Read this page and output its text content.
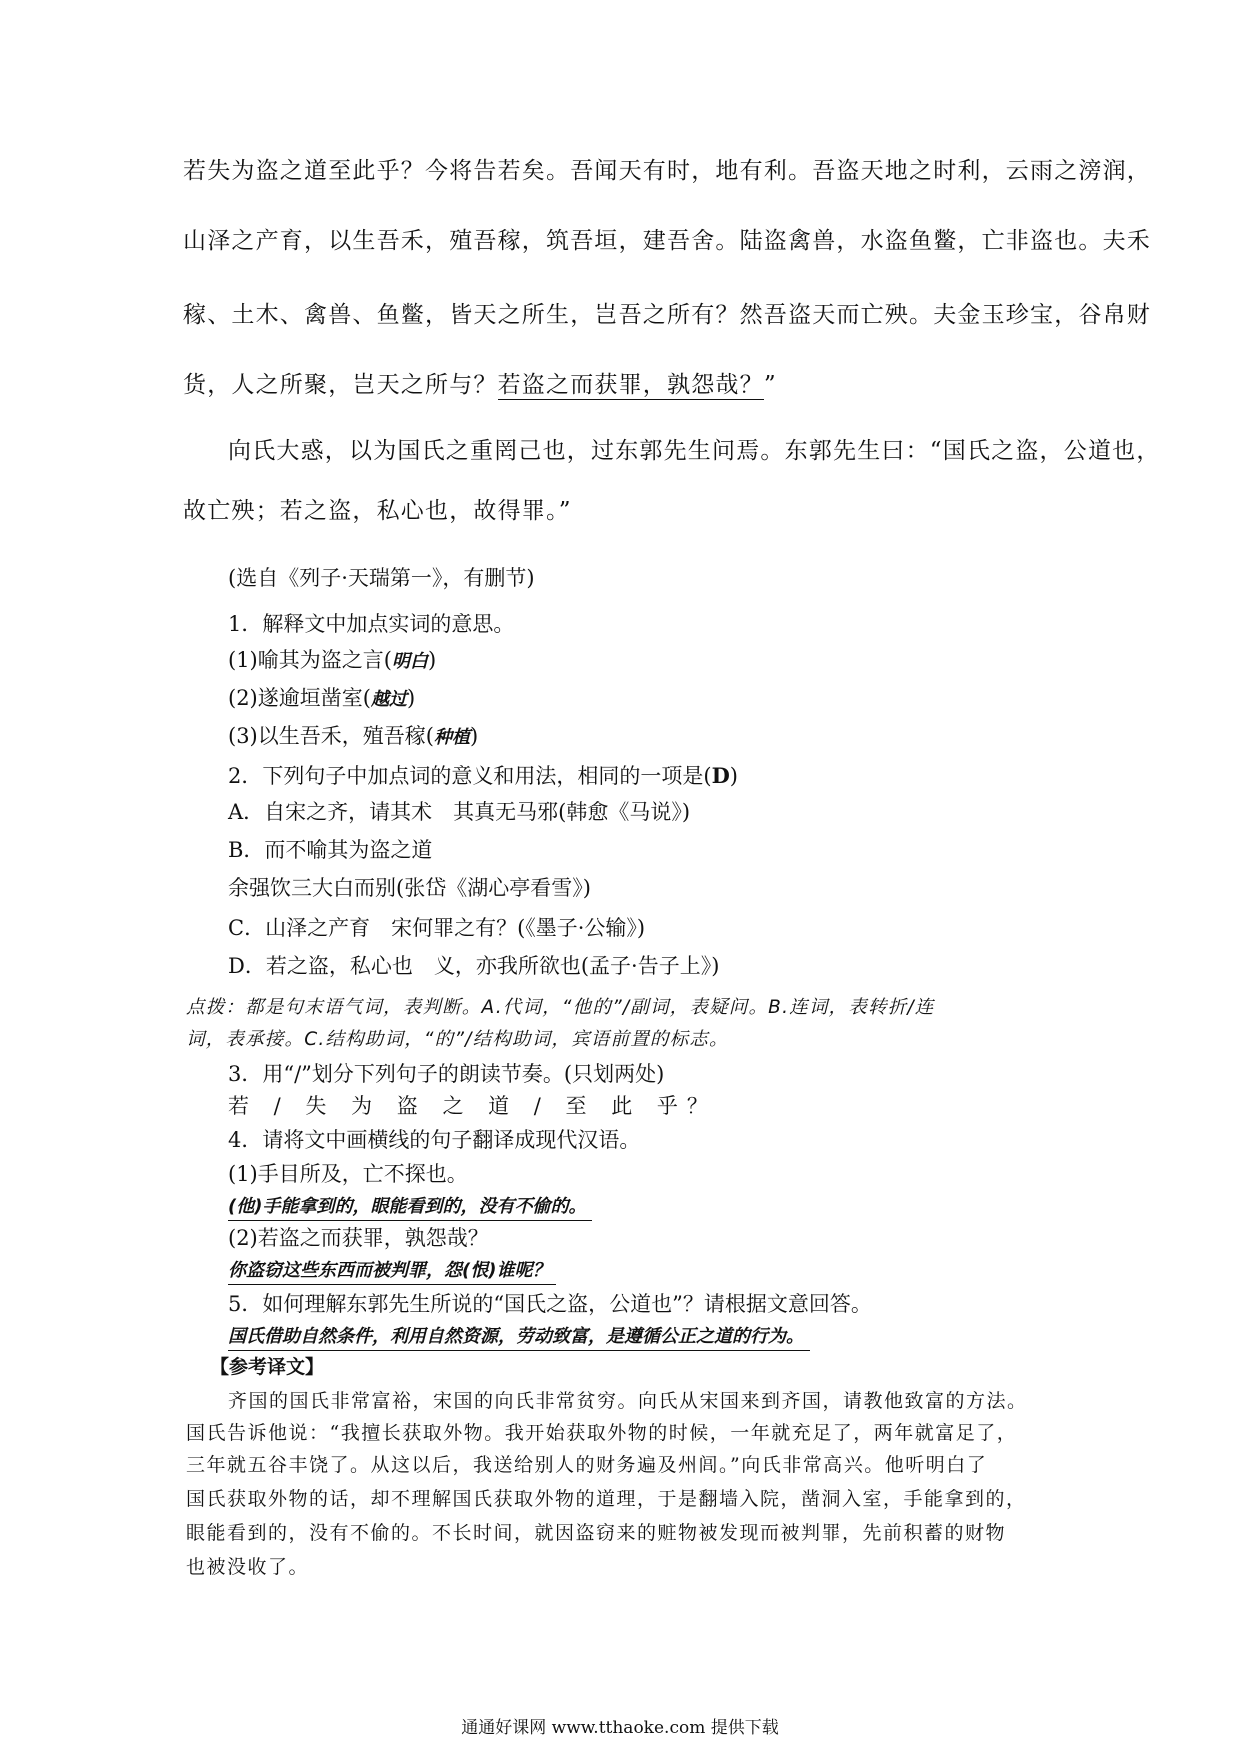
若失为盗之道至此乎？今将告若矣。吾闻天有时，地有利。吾盗天地之时利，云雨之滂润，
山泽之产育，以生吾禾，殖吾稼，筑吾垣，建吾舍。陆盗禽兽，水盗鱼鳖，亡非盗也。夫禾
稼、土木、禽兽、鱼鳖，皆天之所生，岂吾之所有？然吾盗天而亡殃。夫金玉珍宝，谷帛财
货，人之所聚，岂天之所与？若盗之而获罪，孰怨哉？”
向氏大惑，以为国氏之重罔己也，过东郭先生问焉。东郭先生曰：“国氏之盗，公道也，
故亡殃；若之盗，私心也，故得罪。”
(选自《列子·天瑞第一》，有删节)
1．解释文中加点实词的意思。
(1)喻其为盗之言(明白)
(2)遂逾垣凿室(越过)
(3)以生吾禾，殖吾稼(种植)
2．下列句子中加点词的意义和用法，相同的一项是(D)
A．自宋之齐，请其术　其真无马邪(韩愈《马说》)
B．而不喻其为盗之道
余强饮三大白而别(张岱《湖心亭看雪》)
C．山泽之产育　宋何罪之有？(《墨子·公输》)
D．若之盗，私心也　义，亦我所欲也(孟子·告子上》)
点拨：都是句末语气词，表判断。A.代词，“他的”/副词，表疑问。B.连词，表转折/连
词，表承接。C.结构助词，“的”/结构助词，宾语前置的标志。
3．用“/”划分下列句子的朗读节奏。(只划两处)
若 / 失 为 盗 之 道 / 至 此 乎？
4．请将文中画横线的句子翻译成现代汉语。
(1)手目所及，亡不探也。
(他)手能拿到的，眼能看到的，没有不偷的。
(2)若盗之而获罪，孰怨哉？
你盗窃这些东西而被判罪，怨(恨)谁呢？
5．如何理解东郭先生所说的“国氏之盗，公道也”？请根据文意回答。
国氏借助自然条件，利用自然资源，劳动致富，是遵循公正之道的行为。
【参考译文】
齐国的国氏非常富裕，宋国的向氏非常贫穷。向氏从宋国来到齐国，请教他致富的方法。
国氏告诉他说：“我擅长获取外物。我开始获取外物的时候，一年就充足了，两年就富足了，
三年就五谷丰饶了。从这以后，我送给别人的财务遍及州闾。”向氏非常高兴。他听明白了
国氏获取外物的话，却不理解国氏获取外物的道理，于是翻墙入院，凿洞入室，手能拿到的，
眼能看到的，没有不偷的。不长时间，就因盗窃来的赃物被发现而被判罪，先前积蓄的财物
也被没收了。
通通好课网 www.tthaoke.com 提供下载
